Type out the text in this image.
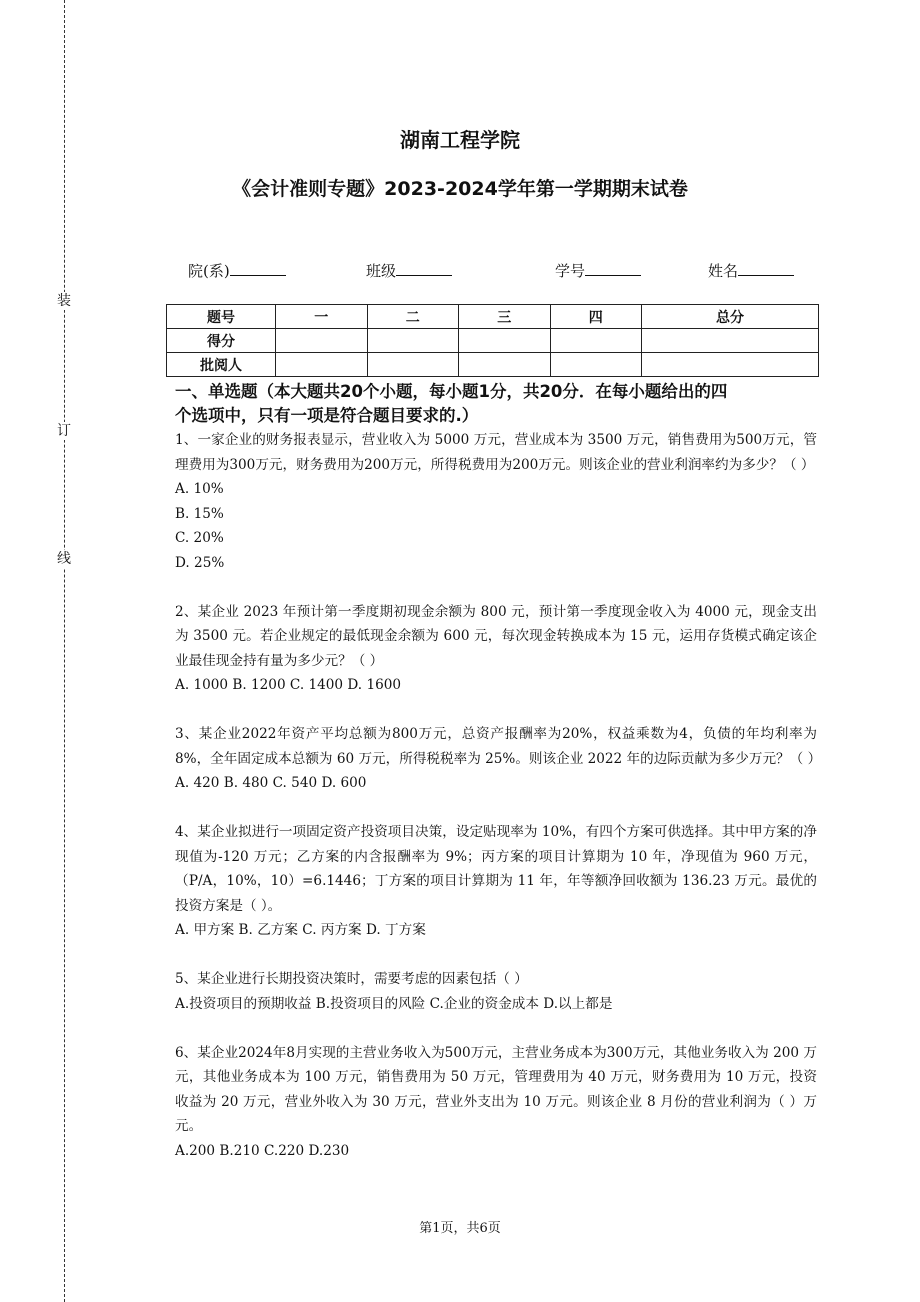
装
订
线
湖南工程学院
《会计准则专题》2023-2024学年第一学期期末试卷
院(系)	班级	学号	姓名
题号	一	二	三	四	总分
得分					
批阅人					
一、单选题（本大题共20个小题，每小题1分，共20分．在每小题给出的四
个选项中，只有一项是符合题目要求的.）

1、一家企业的财务报表显示，营业收入为 5000 万元，营业成本为 3500 万元，销售费用为500万元，管理费用为300万元，财务费用为200万元，所得税费用为200万元。则该企业的营业利润率约为多少？（ ）

A. 10%

B. 15%

C. 20%

D. 25%

2、某企业 2023 年预计第一季度期初现金余额为 800 元，预计第一季度现金收入为 4000 元，现金支出为 3500 元。若企业规定的最低现金余额为 600 元，每次现金转换成本为 15 元，运用存货模式确定该企业最佳现金持有量为多少元？（ ）

A. 1000 B. 1200 C. 1400 D. 1600

3、某企业2022年资产平均总额为800万元，总资产报酬率为20%，权益乘数为4，负债的年均利率为 8%，全年固定成本总额为 60 万元，所得税税率为 25%。则该企业 2022 年的边际贡献为多少万元？（ ）

A. 420 B. 480 C. 540 D. 600

4、某企业拟进行一项固定资产投资项目决策，设定贴现率为 10%，有四个方案可供选择。其中甲方案的净现值为-120 万元；乙方案的内含报酬率为 9%；丙方案的项目计算期为 10 年，净现值为 960 万元，（P/A，10%，10）=6.1446；丁方案的项目计算期为 11 年，年等额净回收额为 136.23 万元。最优的投资方案是（ ）。

A. 甲方案 B. 乙方案 C. 丙方案 D. 丁方案

5、某企业进行长期投资决策时，需要考虑的因素包括（ ）

A.投资项目的预期收益 B.投资项目的风险 C.企业的资金成本 D.以上都是

6、某企业2024年8月实现的主营业务收入为500万元，主营业务成本为300万元，其他业务收入为 200 万元，其他业务成本为 100 万元，销售费用为 50 万元，管理费用为 40 万元，财务费用为 10 万元，投资收益为 20 万元，营业外收入为 30 万元，营业外支出为 10 万元。则该企业 8 月份的营业利润为（ ）万元。

A.200 B.210 C.220 D.230

第1页，共6页
